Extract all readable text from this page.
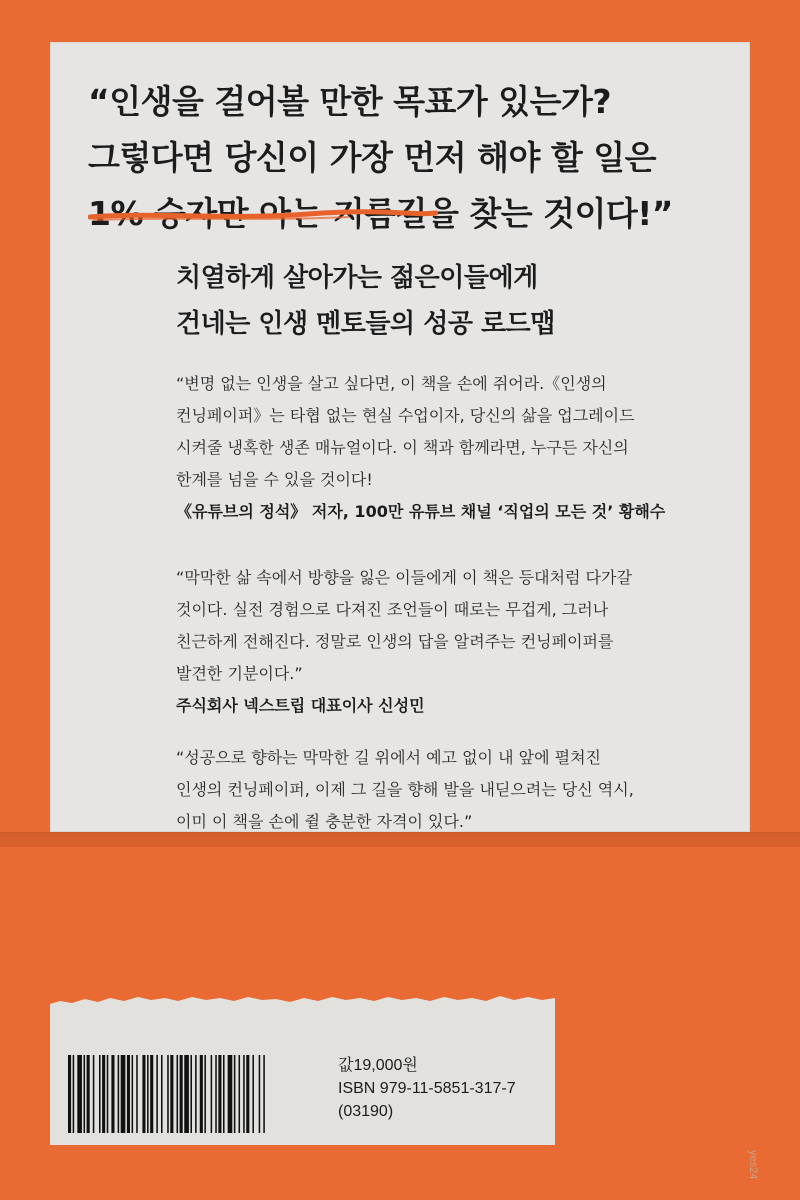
“인생을 걸어볼 만한 목표가 있는가?
그렇다면 당신이 가장 먼저 해야 할 일은
1% 승자만 아는 지름길을 찾는 것이다!”
치열하게 살아가는 젊은이들에게
건네는 인생 멘토들의 성공 로드맵
“변명 없는 인생을 살고 싶다면, 이 책을 손에 쥐어라.《인생의
컨닝페이퍼》는 타협 없는 현실 수업이자, 당신의 삶을 업그레이드
시켜줄 냉혹한 생존 매뉴얼이다. 이 책과 함께라면, 누구든 자신의
한계를 넘을 수 있을 것이다!
《유튜브의 정석》 저자, 100만 유튜브 채널 ‘직업의 모든 것’ 황해수
“막막한 삶 속에서 방향을 잃은 이들에게 이 책은 등대처럼 다가갈
것이다. 실전 경험으로 다져진 조언들이 때로는 무겁게, 그러나
친근하게 전해진다. 정말로 인생의 답을 알려주는 컨닝페이퍼를
발견한 기분이다.”
주식회사 넥스트립 대표이사 신성민
“성공으로 향하는 막막한 길 위에서 예고 없이 내 앞에 펼쳐진
인생의 컨닝페이퍼, 이제 그 길을 향해 발을 내딛으려는 당신 역시,
이미 이 책을 손에 쥘 충분한 자격이 있다.”
값19,000원
ISBN 979-11-5851-317-7
(03190)
yes24
